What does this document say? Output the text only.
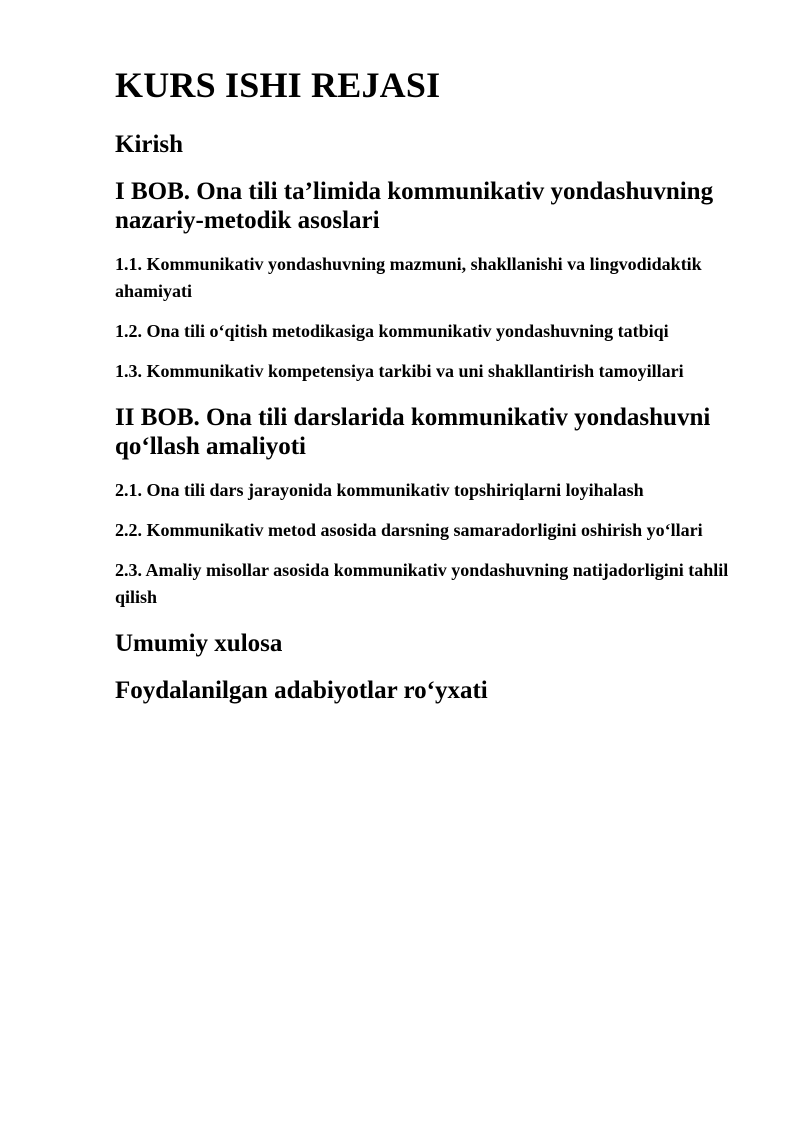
KURS ISHI REJASI
Kirish
I BOB. Ona tili ta’limida kommunikativ yondashuvning nazariy-metodik asoslari

1.1. Kommunikativ yondashuvning mazmuni, shakllanishi va lingvodidaktik ahamiyati

1.2. Ona tili oʻqitish metodikasiga kommunikativ yondashuvning tatbiqi

1.3. Kommunikativ kompetensiya tarkibi va uni shakllantirish tamoyillari

II BOB. Ona tili darslarida kommunikativ yondashuvni qoʻllash amaliyoti

2.1. Ona tili dars jarayonida kommunikativ topshiriqlarni loyihalash

2.2. Kommunikativ metod asosida darsning samaradorligini oshirish yoʻllari

2.3. Amaliy misollar asosida kommunikativ yondashuvning natijadorligini tahlil qilish

Umumiy xulosa
Foydalanilgan adabiyotlar roʻyxati
